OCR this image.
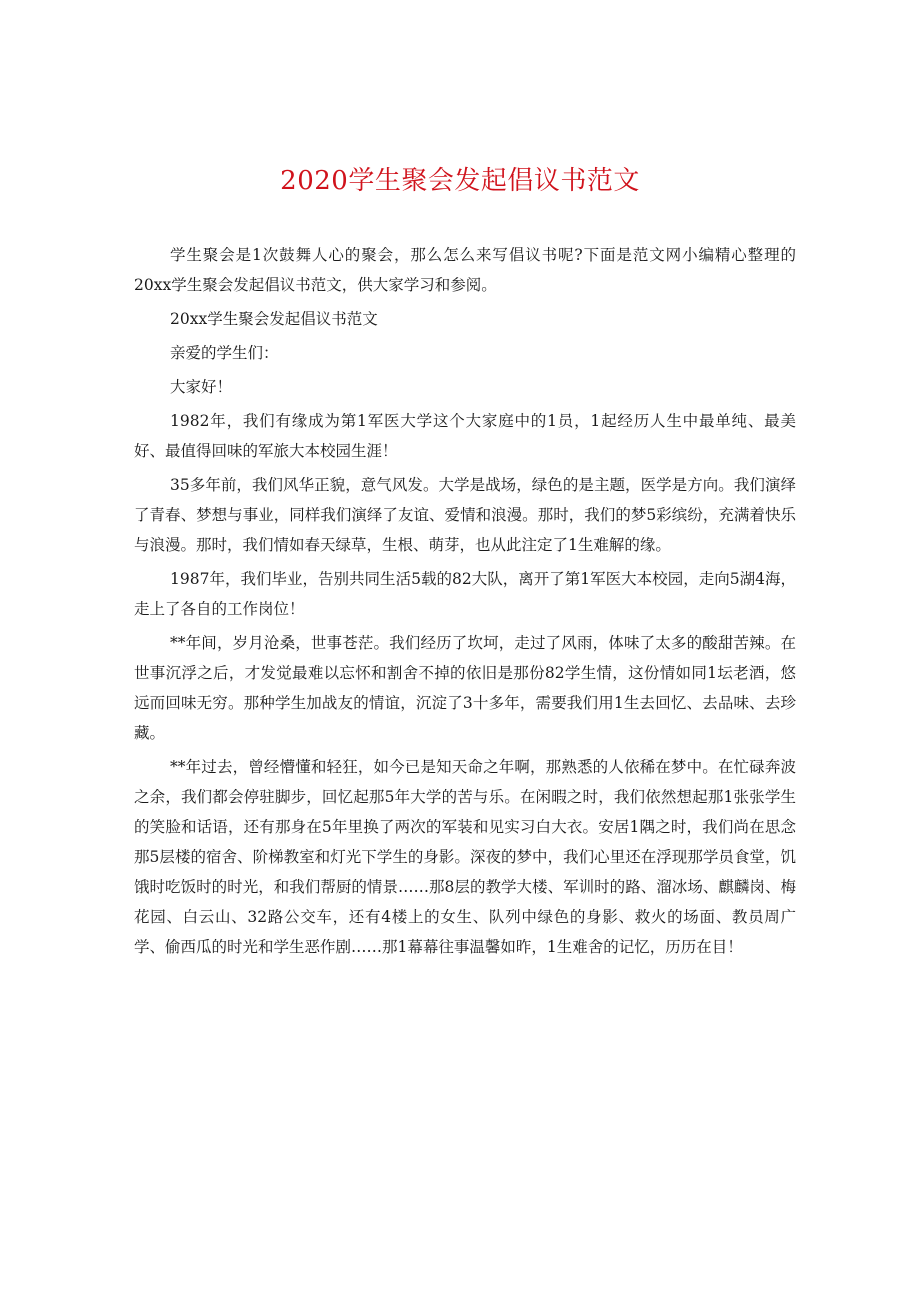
2020学生聚会发起倡议书范文

学生聚会是1次鼓舞人心的聚会，那么怎么来写倡议书呢?下面是范文网小编精心整理的20xx学生聚会发起倡议书范文，供大家学习和参阅。

20xx学生聚会发起倡议书范文

亲爱的学生们：

大家好！

1982年，我们有缘成为第1军医大学这个大家庭中的1员，1起经历人生中最单纯、最美好、最值得回味的军旅大本校园生涯！

35多年前，我们风华正貌，意气风发。大学是战场，绿色的是主题，医学是方向。我们演绎了青春、梦想与事业，同样我们演绎了友谊、爱情和浪漫。那时，我们的梦5彩缤纷，充满着快乐与浪漫。那时，我们情如春天绿草，生根、萌芽，也从此注定了1生难解的缘。

1987年，我们毕业，告别共同生活5载的82大队，离开了第1军医大本校园，走向5湖4海，走上了各自的工作岗位！

**年间，岁月沧桑，世事苍茫。我们经历了坎坷，走过了风雨，体味了太多的酸甜苦辣。在世事沉浮之后，才发觉最难以忘怀和割舍不掉的依旧是那份82学生情，这份情如同1坛老酒，悠远而回味无穷。那种学生加战友的情谊，沉淀了3十多年，需要我们用1生去回忆、去品味、去珍藏。

**年过去，曾经懵懂和轻狂，如今已是知天命之年啊，那熟悉的人依稀在梦中。在忙碌奔波之余，我们都会停驻脚步，回忆起那5年大学的苦与乐。在闲暇之时，我们依然想起那1张张学生的笑脸和话语，还有那身在5年里换了两次的军装和见实习白大衣。安居1隅之时，我们尚在思念那5层楼的宿舍、阶梯教室和灯光下学生的身影。深夜的梦中，我们心里还在浮现那学员食堂，饥饿时吃饭时的时光，和我们帮厨的情景……那8层的教学大楼、军训时的路、溜冰场、麒麟岗、梅花园、白云山、32路公交车，还有4楼上的女生、队列中绿色的身影、救火的场面、教员周广学、偷西瓜的时光和学生恶作剧……那1幕幕往事温馨如昨，1生难舍的记忆，历历在目！
